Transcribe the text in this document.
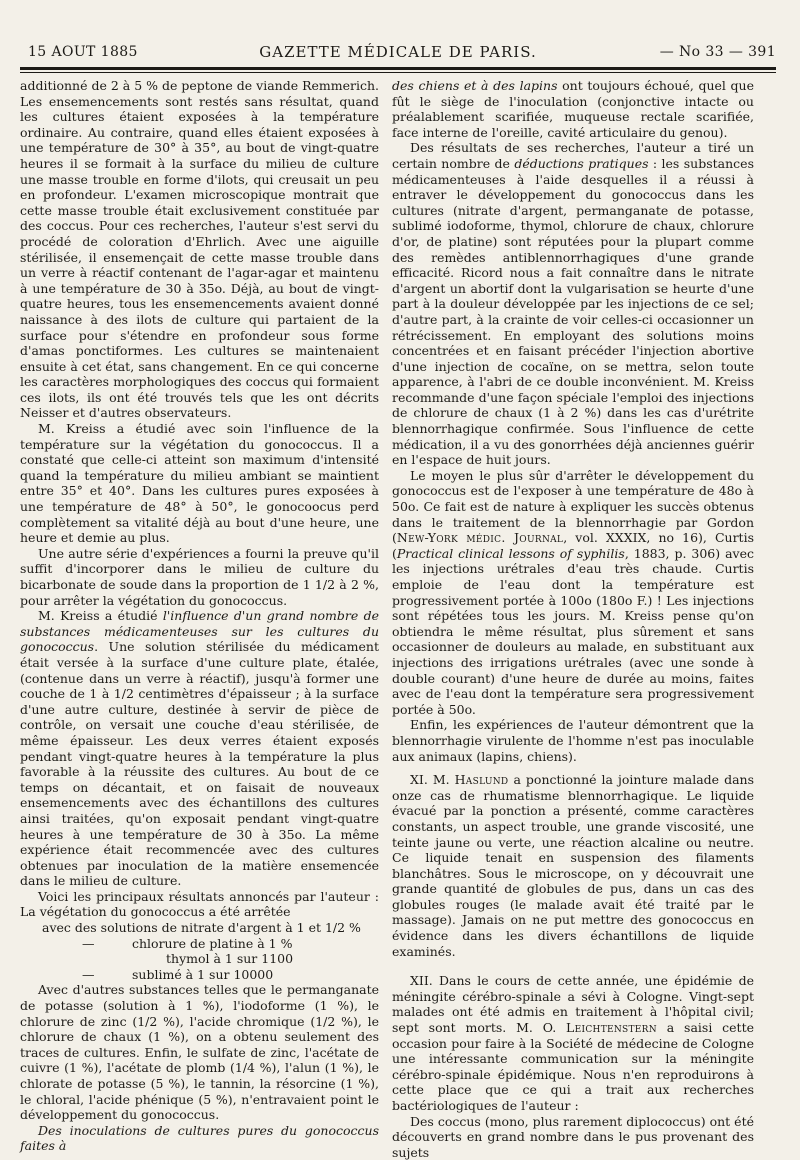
15 AOUT 1885	GAZETTE MÉDICALE DE PARIS.	— No 33 — 391

additionné de 2 à 5 % de peptone de viande Remmerich. Les ensemencements sont restés sans résultat, quand les cultures étaient exposées à la température ordinaire. Au contraire, quand elles étaient exposées à une température de 30° à 35°, au bout de vingt-quatre heures il se formait à la surface du milieu de culture une masse trouble en forme d'ilots, qui creusait un peu en profondeur. L'examen microscopique montrait que cette masse trouble était exclusivement constituée par des coccus. Pour ces recherches, l'auteur s'est servi du procédé de coloration d'Ehrlich. Avec une aiguille stérilisée, il ensemençait de cette masse trouble dans un verre à réactif contenant de l'agar-agar et maintenu à une température de 30 à 35o. Déjà, au bout de vingt-quatre heures, tous les ensemencements avaient donné naissance à des ilots de culture qui partaient de la surface pour s'étendre en profondeur sous forme d'amas ponctiformes. Les cultures se maintenaient ensuite à cet état, sans changement. En ce qui concerne les caractères morphologiques des coccus qui formaient ces ilots, ils ont été trouvés tels que les ont décrits Neisser et d'autres observateurs.

M. Kreiss a étudié avec soin l'influence de la température sur la végétation du gonococcus. Il a constaté que celle-ci atteint son maximum d'intensité quand la température du milieu ambiant se maintient entre 35° et 40°. Dans les cultures pures exposées à une température de 48° à 50°, le gonocoocus perd complètement sa vitalité déjà au bout d'une heure, une heure et demie au plus.

Une autre série d'expériences a fourni la preuve qu'il suffit d'incorporer dans le milieu de culture du bicarbonate de soude dans la proportion de 1 1/2 à 2 %, pour arrêter la végétation du gonococcus.

M. Kreiss a étudié l'influence d'un grand nombre de substances médicamenteuses sur les cultures du gonococcus. Une solution stérilisée du médicament était versée à la surface d'une culture plate, étalée, (contenue dans un verre à réactif), jusqu'à former une couche de 1 à 1/2 centimètres d'épaisseur ; à la surface d'une autre culture, destinée à servir de pièce de contrôle, on versait une couche d'eau stérilisée, de même épaisseur. Les deux verres étaient exposés pendant vingt-quatre heures à la température la plus favorable à la réussite des cultures. Au bout de ce temps on décantait, et on faisait de nouveaux ensemencements avec des échantillons des cultures ainsi traitées, qu'on exposait pendant vingt-quatre heures à une température de 30 à 35o. La même expérience était recommencée avec des cultures obtenues par inoculation de la matière ensemencée dans le milieu de culture.

Voici les principaux résultats annoncés par l'auteur : La végétation du gonococcus a été arrêtée

avec des solutions de nitrate d'argent à 1 et 1/2 %
—	chlorure de platine à 1 %
thymol à 1 sur 1100
—	sublimé à 1 sur 10000

Avec d'autres substances telles que le permanganate de potasse (solution à 1 %), l'iodoforme (1 %), le chlorure de zinc (1/2 %), l'acide chromique (1/2 %), le chlorure de chaux (1 %), on a obtenu seulement des traces de cultures. Enfin, le sulfate de zinc, l'acétate de cuivre (1 %), l'acétate de plomb (1/4 %), l'alun (1 %), le chlorate de potasse (5 %), le tannin, la résorcine (1 %), le chloral, l'acide phénique (5 %), n'entravaient point le développement du gonococcus.

Des inoculations de cultures pures du gonococcus faites à

des chiens et à des lapins ont toujours échoué, quel que fût le siège de l'inoculation (conjonctive intacte ou préalablement scarifiée, muqueuse rectale scarifiée, face interne de l'oreille, cavité articulaire du genou).

Des résultats de ses recherches, l'auteur a tiré un certain nombre de déductions pratiques : les substances médicamenteuses à l'aide desquelles il a réussi à entraver le développement du gonococcus dans les cultures (nitrate d'argent, permanganate de potasse, sublimé iodoforme, thymol, chlorure de chaux, chlorure d'or, de platine) sont réputées pour la plupart comme des remèdes antiblennorrhagiques d'une grande efficacité. Ricord nous a fait connaître dans le nitrate d'argent un abortif dont la vulgarisation se heurte d'une part à la douleur développée par les injections de ce sel; d'autre part, à la crainte de voir celles-ci occasionner un rétrécissement. En employant des solutions moins concentrées et en faisant précéder l'injection abortive d'une injection de cocaïne, on se mettra, selon toute apparence, à l'abri de ce double inconvénient. M. Kreiss recommande d'une façon spéciale l'emploi des injections de chlorure de chaux (1 à 2 %) dans les cas d'urétrite blennorrhagique confirmée. Sous l'influence de cette médication, il a vu des gonorrhées déjà anciennes guérir en l'espace de huit jours.

Le moyen le plus sûr d'arrêter le développement du gonococcus est de l'exposer à une température de 48o à 50o. Ce fait est de nature à expliquer les succès obtenus dans le traitement de la blennorrhagie par Gordon (New-York médic. Journal, vol. XXXIX, no 16), Curtis (Practical clinical lessons of syphilis, 1883, p. 306) avec les injections urétrales d'eau très chaude. Curtis emploie de l'eau dont la température est progressivement portée à 100o (180o F.) ! Les injections sont répétées tous les jours. M. Kreiss pense qu'on obtiendra le même résultat, plus sûrement et sans occasionner de douleurs au malade, en substituant aux injections des irrigations urétrales (avec une sonde à double courant) d'une heure de durée au moins, faites avec de l'eau dont la température sera progressivement portée à 50o.

Enfin, les expériences de l'auteur démontrent que la blennorrhagie virulente de l'homme n'est pas inoculable aux animaux (lapins, chiens).

XI. M. Haslund a ponctionné la jointure malade dans onze cas de rhumatisme blennorrhagique. Le liquide évacué par la ponction a présenté, comme caractères constants, un aspect trouble, une grande viscosité, une teinte jaune ou verte, une réaction alcaline ou neutre. Ce liquide tenait en suspension des filaments blanchâtres. Sous le microscope, on y découvrait une grande quantité de globules de pus, dans un cas des globules rouges (le malade avait été traité par le massage). Jamais on ne put mettre des gonococcus en évidence dans les divers échantillons de liquide examinés.

XII. Dans le cours de cette année, une épidémie de méningite cérébro-spinale a sévi à Cologne. Vingt-sept malades ont été admis en traitement à l'hôpital civil; sept sont morts. M. O. Leichtenstern a saisi cette occasion pour faire à la Société de médecine de Cologne une intéressante communication sur la méningite cérébro-spinale épidémique. Nous n'en reproduirons à cette place que ce qui a trait aux recherches bactériologiques de l'auteur :

Des coccus (mono, plus rarement diplococcus) ont été découverts en grand nombre dans le pus provenant des sujets
